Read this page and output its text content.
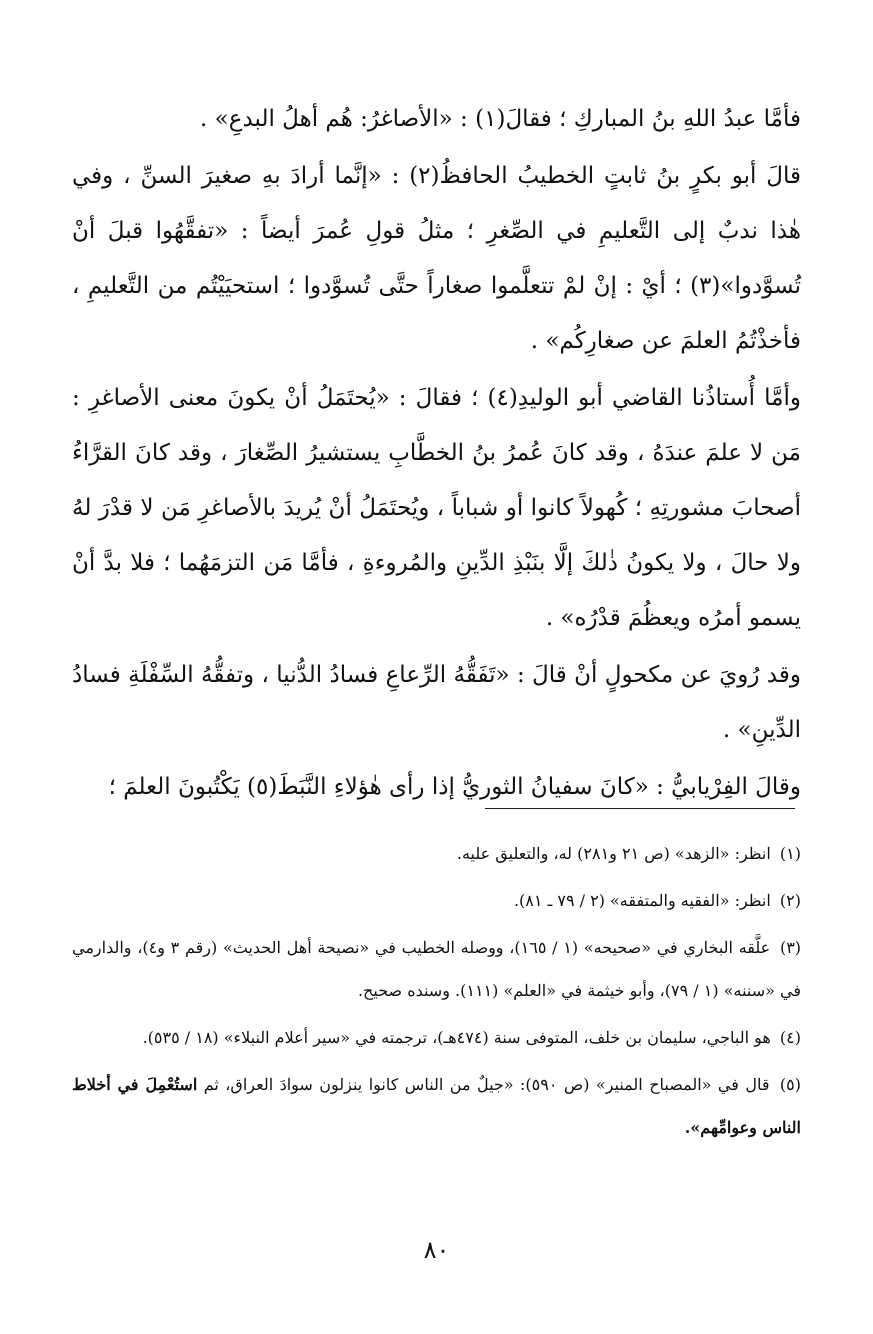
فأمَّا عبدُ اللهِ بنُ المباركِ ؛ فقالَ(١) : «الأصاغرُ: هُم أهلُ البدعِ» .

قالَ أبو بكرٍ بنُ ثابتٍ الخطيبُ الحافظُ(٢) : «إنَّما أرادَ بهِ صغيرَ السنِّ ، وفي هٰذا ندبٌ إلى التَّعليمِ في الصِّغرِ ؛ مثلُ قولِ عُمرَ أيضاً : «تفقَّهُوا قبلَ أنْ تُسوَّدوا»(٣) ؛ أيْ : إنْ لمْ تتعلَّموا صغاراً حتَّى تُسوَّدوا ؛ استحيَيْتُم من التَّعليمِ ، فأخذْتُمُ العلمَ عن صغارِكُم» .

وأمَّا أُستاذُنا القاضي أبو الوليدِ(٤) ؛ فقالَ : «يُحتَمَلُ أنْ يكونَ معنى الأصاغرِ : مَن لا علمَ عندَهُ ، وقد كانَ عُمرُ بنُ الخطَّابِ يستشيرُ الصِّغارَ ، وقد كانَ القرَّاءُ أصحابَ مشورتِهِ ؛ كُهولاً كانوا أو شباباً ، ويُحتَمَلُ أنْ يُريدَ بالأصاغرِ مَن لا قدْرَ لهُ ولا حالَ ، ولا يكونُ ذٰلكَ إلَّا بنَبْذِ الدِّينِ والمُروءةِ ، فأمَّا مَن التزمَهُما ؛ فلا بدَّ أنْ يسمو أمرُه ويعظُمَ قدْرُه» .

وقد رُويَ عن مكحولٍ أنْ قالَ : «تَفَقُّهُ الرِّعاعِ فسادُ الدُّنيا ، وتفقُّهُ السِّفْلَةِ فسادُ الدِّينِ» .

وقالَ الفِرْيابيُّ : «كانَ سفيانُ الثوريُّ إذا رأى هٰؤلاءِ النَّبَطَ(٥) يَكْتُبونَ العلمَ ؛

(١) انظر: «الزهد» (ص ٢١ و٢٨١) له، والتعليق عليه.

(٢) انظر: «الفقيه والمتفقه» (٢ / ٧٩ ـ ٨١).

(٣) علَّقه البخاري في «صحيحه» (١ / ١٦٥)، ووصله الخطيب في «نصيحة أهل الحديث» (رقم ٣ و٤)، والدارمي في «سننه» (١ / ٧٩)، وأبو خيثمة في «العلم» (١١١). وسنده صحيح.

(٤) هو الباجي، سليمان بن خلف، المتوفى سنة (٤٧٤هـ)، ترجمته في «سير أعلام النبلاء» (١٨ / ٥٣٥).

(٥) قال في «المصباح المنير» (ص ٥٩٠): «جيلٌ من الناس كانوا ينزلون سوادَ العراق، ثم استُعْمِلَ في أخلاط الناس وعوامِّهم».

٨٠
